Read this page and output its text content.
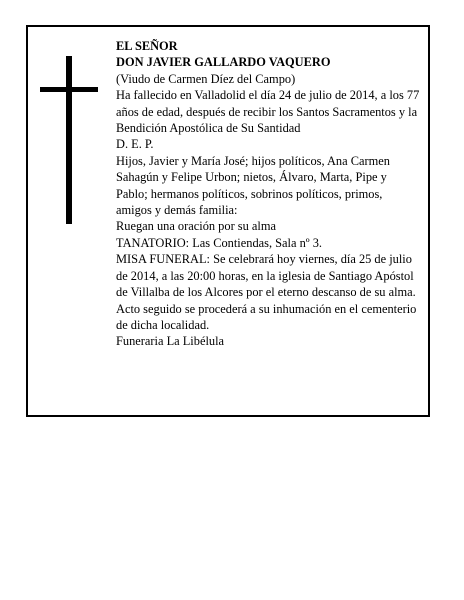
EL SEÑOR

DON JAVIER GALLARDO VAQUERO

(Viudo de Carmen Díez del Campo)

Ha fallecido en Valladolid el día 24 de julio de 2014, a los 77 años de edad, después de recibir los Santos Sacramentos y la Bendición Apostólica de Su Santidad

D. E. P.

Hijos, Javier y María José; hijos políticos, Ana Carmen Sahagún y Felipe Urbon; nietos, Álvaro, Marta, Pipe y Pablo; hermanos políticos, sobrinos políticos, primos, amigos y demás familia:

Ruegan una oración por su alma

TANATORIO: Las Contiendas, Sala nº 3.

MISA FUNERAL: Se celebrará hoy viernes, día 25 de julio de 2014, a las 20:00 horas, en la iglesia de Santiago Apóstol de Villalba de los Alcores por el eterno descanso de su alma. Acto seguido se procederá a su inhumación en el cementerio de dicha localidad.

Funeraria La Libélula
